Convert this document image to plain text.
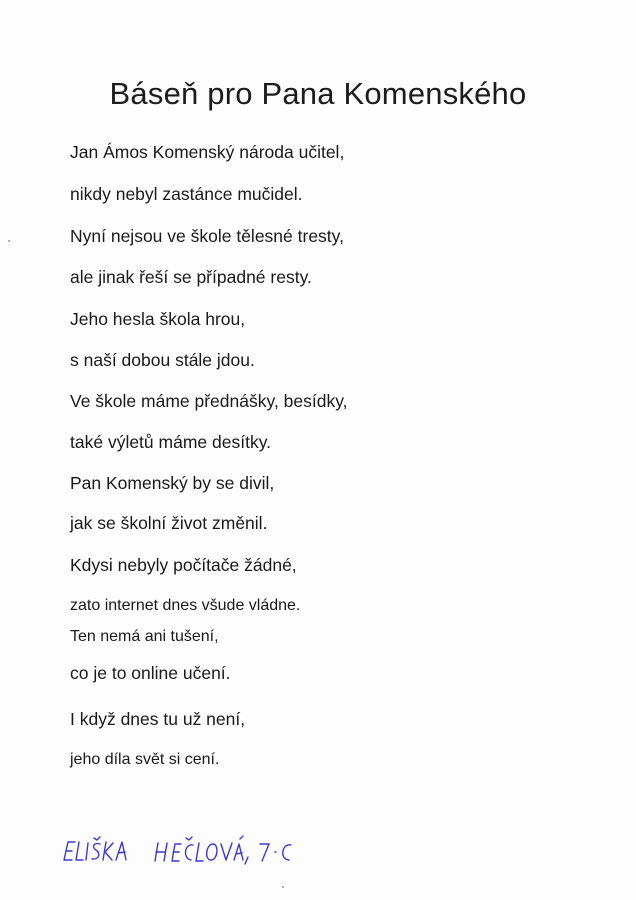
Báseň pro Pana Komenského
Jan Ámos Komenský národa učitel,
nikdy nebyl zastánce mučidel.
Nyní nejsou ve škole tělesné tresty,
ale jinak řeší se případné resty.
Jeho hesla škola hrou,
s naší dobou stále jdou.
Ve škole máme přednášky, besídky,
také výletů máme desítky.
Pan Komenský by se divil,
jak se školní život změnil.
Kdysi nebyly počítače žádné,
zato internet dnes všude vládne.
Ten nemá ani tušení,
co je to online učení.
I když dnes tu už není,
jeho díla svět si cení.
